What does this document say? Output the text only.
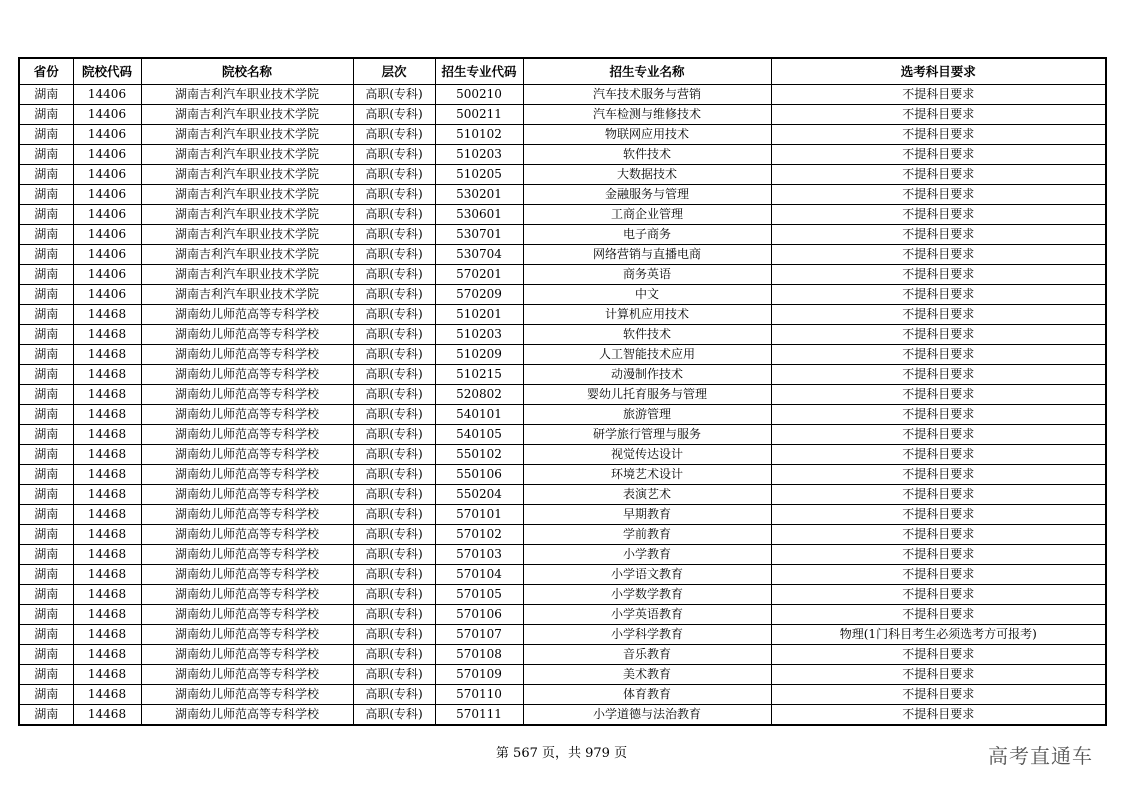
省份	院校代码	院校名称	层次	招生专业代码	招生专业名称	选考科目要求
湖南	14406	湖南吉利汽车职业技术学院	高职(专科)	500210	汽车技术服务与营销	不提科目要求
湖南	14406	湖南吉利汽车职业技术学院	高职(专科)	500211	汽车检测与维修技术	不提科目要求
湖南	14406	湖南吉利汽车职业技术学院	高职(专科)	510102	物联网应用技术	不提科目要求
湖南	14406	湖南吉利汽车职业技术学院	高职(专科)	510203	软件技术	不提科目要求
湖南	14406	湖南吉利汽车职业技术学院	高职(专科)	510205	大数据技术	不提科目要求
湖南	14406	湖南吉利汽车职业技术学院	高职(专科)	530201	金融服务与管理	不提科目要求
湖南	14406	湖南吉利汽车职业技术学院	高职(专科)	530601	工商企业管理	不提科目要求
湖南	14406	湖南吉利汽车职业技术学院	高职(专科)	530701	电子商务	不提科目要求
湖南	14406	湖南吉利汽车职业技术学院	高职(专科)	530704	网络营销与直播电商	不提科目要求
湖南	14406	湖南吉利汽车职业技术学院	高职(专科)	570201	商务英语	不提科目要求
湖南	14406	湖南吉利汽车职业技术学院	高职(专科)	570209	中文	不提科目要求
湖南	14468	湖南幼儿师范高等专科学校	高职(专科)	510201	计算机应用技术	不提科目要求
湖南	14468	湖南幼儿师范高等专科学校	高职(专科)	510203	软件技术	不提科目要求
湖南	14468	湖南幼儿师范高等专科学校	高职(专科)	510209	人工智能技术应用	不提科目要求
湖南	14468	湖南幼儿师范高等专科学校	高职(专科)	510215	动漫制作技术	不提科目要求
湖南	14468	湖南幼儿师范高等专科学校	高职(专科)	520802	婴幼儿托育服务与管理	不提科目要求
湖南	14468	湖南幼儿师范高等专科学校	高职(专科)	540101	旅游管理	不提科目要求
湖南	14468	湖南幼儿师范高等专科学校	高职(专科)	540105	研学旅行管理与服务	不提科目要求
湖南	14468	湖南幼儿师范高等专科学校	高职(专科)	550102	视觉传达设计	不提科目要求
湖南	14468	湖南幼儿师范高等专科学校	高职(专科)	550106	环境艺术设计	不提科目要求
湖南	14468	湖南幼儿师范高等专科学校	高职(专科)	550204	表演艺术	不提科目要求
湖南	14468	湖南幼儿师范高等专科学校	高职(专科)	570101	早期教育	不提科目要求
湖南	14468	湖南幼儿师范高等专科学校	高职(专科)	570102	学前教育	不提科目要求
湖南	14468	湖南幼儿师范高等专科学校	高职(专科)	570103	小学教育	不提科目要求
湖南	14468	湖南幼儿师范高等专科学校	高职(专科)	570104	小学语文教育	不提科目要求
湖南	14468	湖南幼儿师范高等专科学校	高职(专科)	570105	小学数学教育	不提科目要求
湖南	14468	湖南幼儿师范高等专科学校	高职(专科)	570106	小学英语教育	不提科目要求
湖南	14468	湖南幼儿师范高等专科学校	高职(专科)	570107	小学科学教育	物理(1门科目考生必须选考方可报考)
湖南	14468	湖南幼儿师范高等专科学校	高职(专科)	570108	音乐教育	不提科目要求
湖南	14468	湖南幼儿师范高等专科学校	高职(专科)	570109	美术教育	不提科目要求
湖南	14468	湖南幼儿师范高等专科学校	高职(专科)	570110	体育教育	不提科目要求
湖南	14468	湖南幼儿师范高等专科学校	高职(专科)	570111	小学道德与法治教育	不提科目要求
第 567 页，共 979 页	高考直通车
